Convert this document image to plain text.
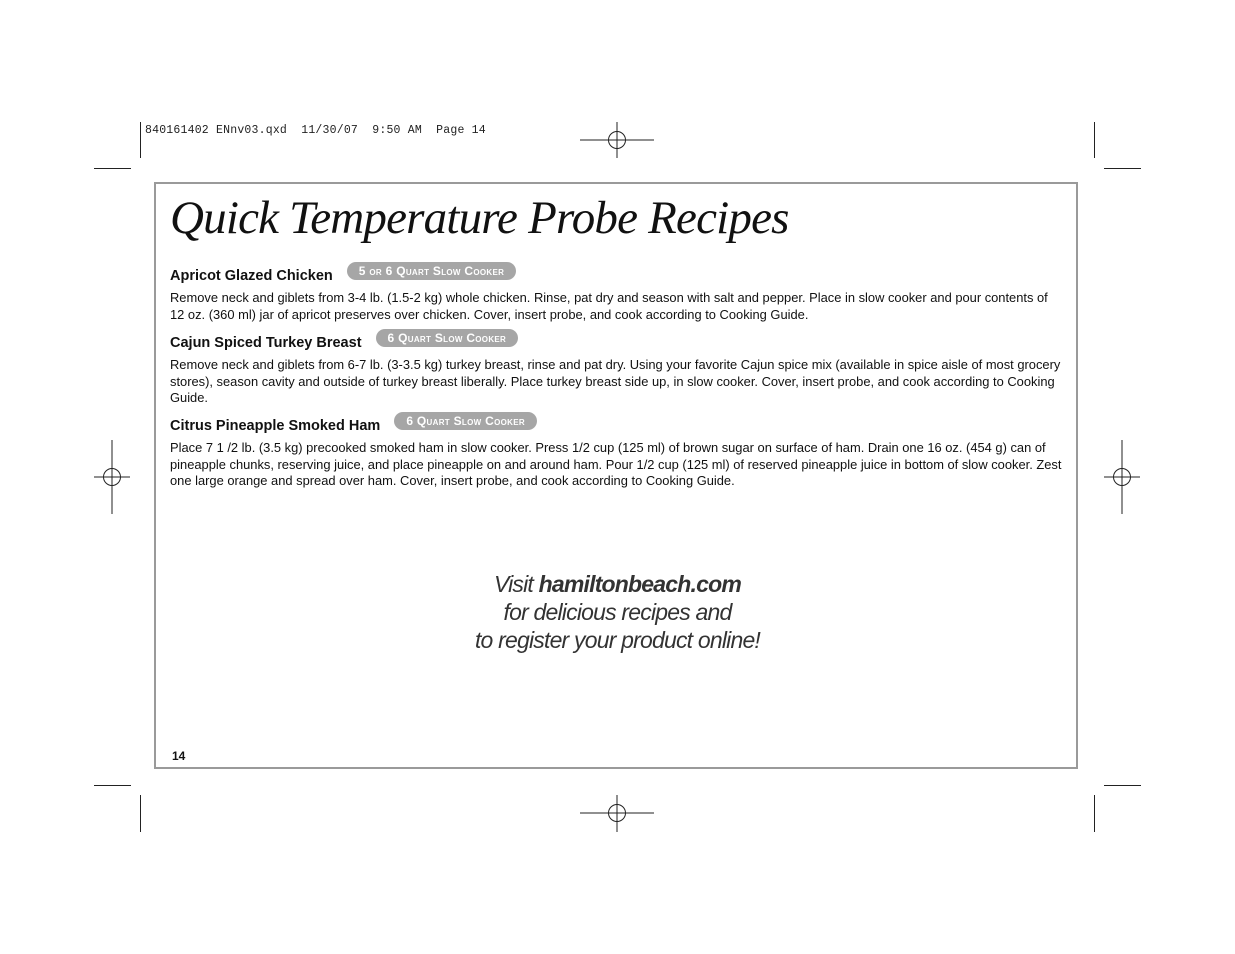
840161402 ENnv03.qxd  11/30/07  9:50 AM  Page 14
Quick Temperature Probe Recipes
Apricot Glazed Chicken	5 or 6 Quart Slow Cooker
Remove neck and giblets from 3-4 lb. (1.5-2 kg) whole chicken. Rinse, pat dry and season with salt and pepper. Place in slow cooker and pour contents of 12 oz. (360 ml) jar of apricot preserves over chicken. Cover, insert probe, and cook according to Cooking Guide.
Cajun Spiced Turkey Breast	6 Quart Slow Cooker
Remove neck and giblets from 6-7 lb. (3-3.5 kg) turkey breast, rinse and pat dry. Using your favorite Cajun spice mix (available in spice aisle of most grocery stores), season cavity and outside of turkey breast liberally. Place turkey breast side up, in slow cooker. Cover, insert probe, and cook according to Cooking Guide.
Citrus Pineapple Smoked Ham	6 Quart Slow Cooker
Place 7 1 /2 lb. (3.5 kg) precooked smoked ham in slow cooker. Press 1/2 cup (125 ml) of brown sugar on surface of ham. Drain one 16 oz. (454 g) can of pineapple chunks, reserving juice, and place pineapple on and around ham. Pour 1/2 cup (125 ml) of reserved pineapple juice in bottom of slow cooker. Zest one large orange and spread over ham. Cover, insert probe, and cook according to Cooking Guide.
Visit hamiltonbeach.com
for delicious recipes and
to register your product online!
14
